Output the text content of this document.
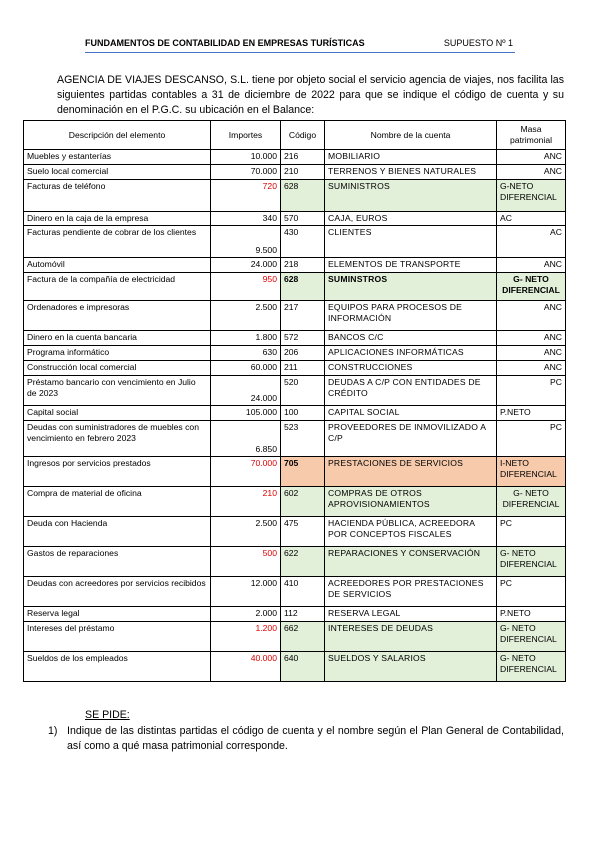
FUNDAMENTOS DE CONTABILIDAD EN EMPRESAS TURÍSTICAS	SUPUESTO Nº 1
AGENCIA DE VIAJES DESCANSO, S.L. tiene por objeto social el servicio agencia de viajes, nos facilita las siguientes partidas contables a 31 de diciembre de 2022 para que se indique el código de cuenta y su denominación en el P.G.C. su ubicación en el Balance:
Descripción del elemento	Importes	Código	Nombre de la cuenta	Masa patrimonial
Muebles y estanterías	10.000	216	MOBILIARIO	ANC
Suelo local comercial	70.000	210	TERRENOS Y BIENES NATURALES	ANC
Facturas de teléfono	720	628	SUMINISTROS	G-NETO DIFERENCIAL
Dinero en la caja de la empresa	340	570	CAJA, EUROS	AC
Facturas pendiente de cobrar de los clientes	9.500	430	CLIENTES	AC
Automóvil	24.000	218	ELEMENTOS DE TRANSPORTE	ANC
Factura de la compañía de electricidad	950	628	SUMINSTROS	G- NETO DIFERENCIAL
Ordenadores e impresoras	2.500	217	EQUIPOS PARA PROCESOS DE INFORMACIÓN	ANC
Dinero en la cuenta bancaria	1.800	572	BANCOS C/C	ANC
Programa informático	630	206	APLICACIONES INFORMÁTICAS	ANC
Construcción local comercial	60.000	211	CONSTRUCCIONES	ANC
Préstamo bancario con vencimiento en Julio de 2023	24.000	520	DEUDAS A C/P CON ENTIDADES DE CRÉDITO	PC
Capital social	105.000	100	CAPITAL SOCIAL	P.NETO
Deudas con suministradores de muebles con vencimiento en febrero 2023	6.850	523	PROVEEDORES DE INMOVILIZADO A C/P	PC
Ingresos por servicios prestados	70.000	705	PRESTACIONES DE SERVICIOS	I-NETO DIFERENCIAL
Compra de material de oficina	210	602	COMPRAS DE OTROS APROVISIONAMIENTOS	G- NETO DIFERENCIAL
Deuda con Hacienda	2.500	475	HACIENDA PÚBLICA, ACREEDORA POR CONCEPTOS FISCALES	PC
Gastos de reparaciones	500	622	REPARACIONES Y CONSERVACIÓN	G- NETO DIFERENCIAL
Deudas con acreedores por servicios recibidos	12.000	410	ACREEDORES POR PRESTACIONES DE SERVICIOS	PC
Reserva legal	2.000	112	RESERVA LEGAL	P.NETO
Intereses del préstamo	1.200	662	INTERESES DE DEUDAS	G- NETO DIFERENCIAL
Sueldos de los empleados	40.000	640	SUELDOS Y SALARIOS	G- NETO DIFERENCIAL
SE PIDE:
1) Indique de las distintas partidas el código de cuenta y el nombre según el Plan General de Contabilidad, así como a qué masa patrimonial corresponde.
